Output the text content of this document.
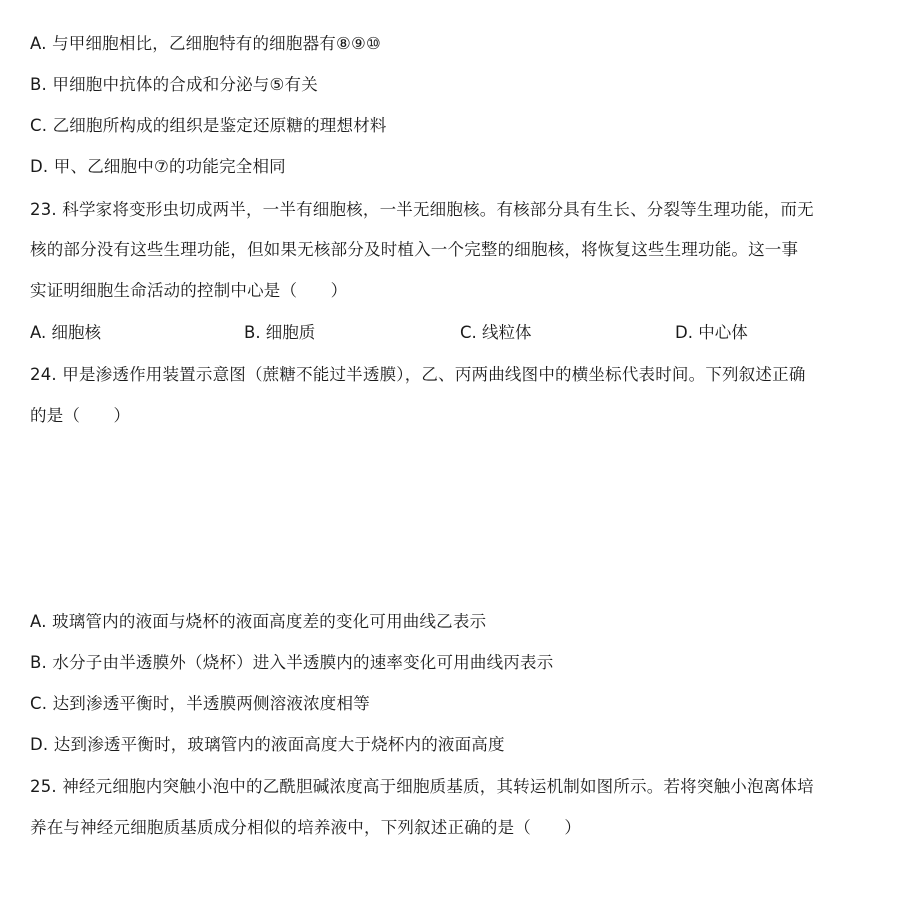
A. 与甲细胞相比，乙细胞特有的细胞器有⑧⑨⑩
B. 甲细胞中抗体的合成和分泌与⑤有关
C. 乙细胞所构成的组织是鉴定还原糖的理想材料
D. 甲、乙细胞中⑦的功能完全相同
23. 科学家将变形虫切成两半，一半有细胞核，一半无细胞核。有核部分具有生长、分裂等生理功能，而无
核的部分没有这些生理功能，但如果无核部分及时植入一个完整的细胞核，将恢复这些生理功能。这一事
实证明细胞生命活动的控制中心是（　　）
A. 细胞核	B. 细胞质	C. 线粒体	D. 中心体
24. 甲是渗透作用装置示意图（蔗糖不能过半透膜），乙、丙两曲线图中的横坐标代表时间。下列叙述正确
的是（　　）
A. 玻璃管内的液面与烧杯的液面高度差的变化可用曲线乙表示
B. 水分子由半透膜外（烧杯）进入半透膜内的速率变化可用曲线丙表示
C. 达到渗透平衡时，半透膜两侧溶液浓度相等
D. 达到渗透平衡时，玻璃管内的液面高度大于烧杯内的液面高度
25. 神经元细胞内突触小泡中的乙酰胆碱浓度高于细胞质基质，其转运机制如图所示。若将突触小泡离体培
养在与神经元细胞质基质成分相似的培养液中，下列叙述正确的是（　　）
